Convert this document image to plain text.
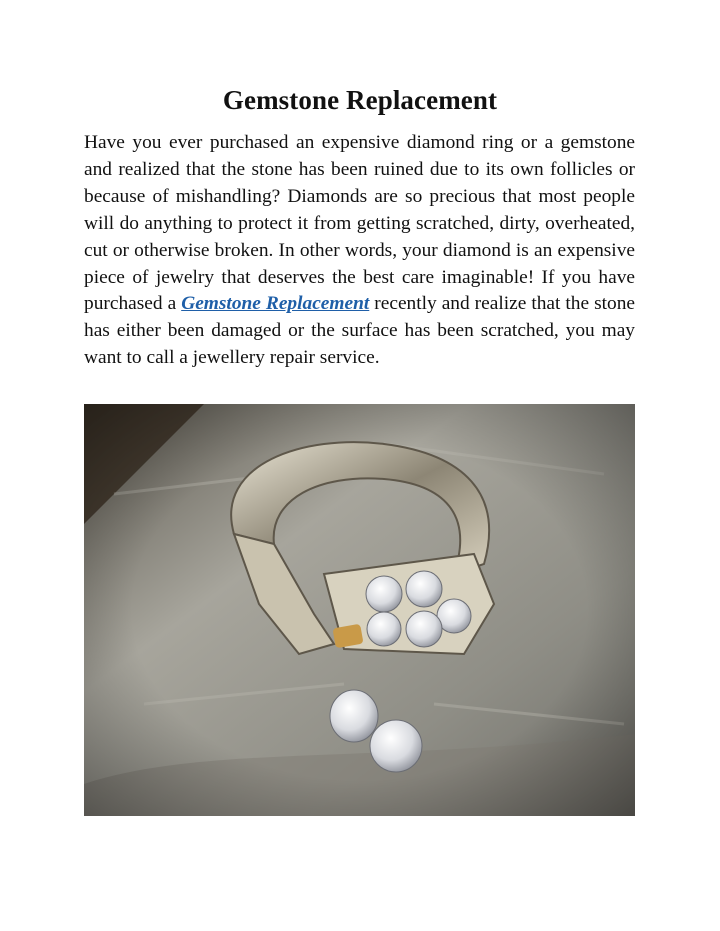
Gemstone Replacement

Have you ever purchased an expensive diamond ring or a gemstone and realized that the stone has been ruined due to its own follicles or because of mishandling? Diamonds are so precious that most people will do anything to protect it from getting scratched, dirty, overheated, cut or otherwise broken. In other words, your diamond is an expensive piece of jewelry that deserves the best care imaginable! If you have purchased a Gemstone Replacement recently and realize that the stone has either been damaged or the surface has been scratched, you may want to call a jewellery repair service.
